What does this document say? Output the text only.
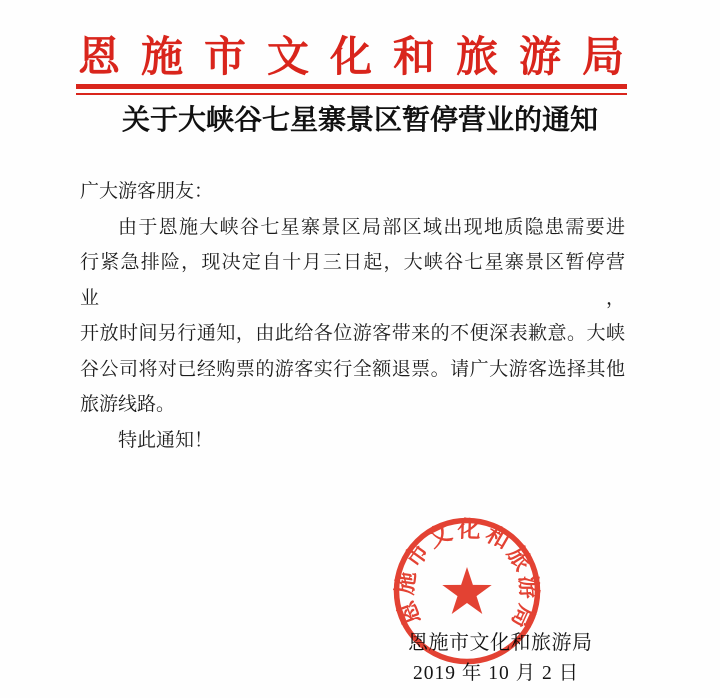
恩施市文化和旅游局
关于大峡谷七星寨景区暂停营业的通知
广大游客朋友：
由于恩施大峡谷七星寨景区局部区域出现地质隐患需要进
行紧急排险，现决定自十月三日起，大峡谷七星寨景区暂停营业，
开放时间另行通知，由此给各位游客带来的不便深表歉意。大峡
谷公司将对已经购票的游客实行全额退票。请广大游客选择其他
旅游线路。
特此通知！
恩施市文化和旅游局
2019 年 10 月 2 日
恩施市文化和旅游局
